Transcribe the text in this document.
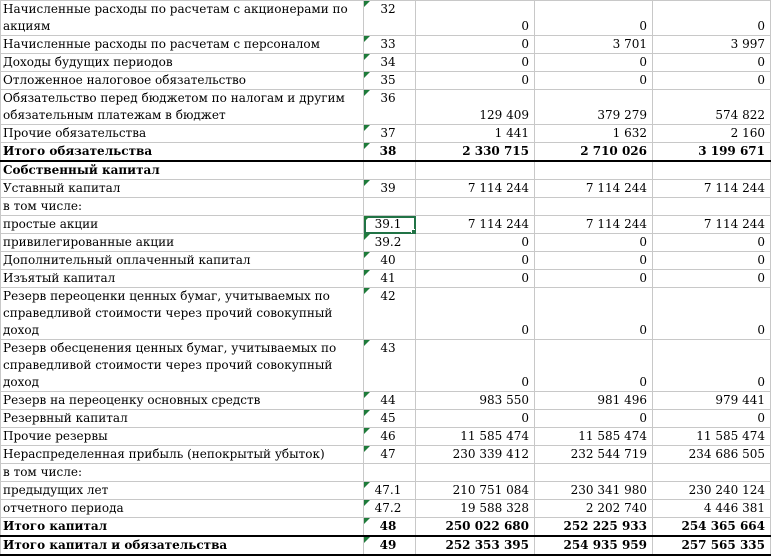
Начисленные расходы по расчетам с акционерами по акциям	32	0	0	0
Начисленные расходы по расчетам с персоналом	33	0	3 701	3 997
Доходы будущих периодов	34	0	0	0
Отложенное налоговое обязательство	35	0	0	0
Обязательство перед бюджетом по налогам и другим обязательным платежам в бюджет	36	129 409	379 279	574 822
Прочие обязательства	37	1 441	1 632	2 160
Итого обязательства	38	2 330 715	2 710 026	3 199 671
Собственный капитал				
Уставный капитал	39	7 114 244	7 114 244	7 114 244
в том числе:				
простые акции	39.1	7 114 244	7 114 244	7 114 244
привилегированные акции	39.2	0	0	0
Дополнительный оплаченный капитал	40	0	0	0
Изъятый капитал	41	0	0	0
Резерв переоценки ценных бумаг, учитываемых по справедливой стоимости через прочий совокупный доход	42	0	0	0
Резерв обесценения ценных бумаг, учитываемых по справедливой стоимости через прочий совокупный доход	43	0	0	0
Резерв на переоценку основных средств	44	983 550	981 496	979 441
Резервный капитал	45	0	0	0
Прочие резервы	46	11 585 474	11 585 474	11 585 474
Нераспределенная прибыль (непокрытый убыток)	47	230 339 412	232 544 719	234 686 505
в том числе:				
предыдущих лет	47.1	210 751 084	230 341 980	230 240 124
отчетного периода	47.2	19 588 328	2 202 740	4 446 381
Итого капитал	48	250 022 680	252 225 933	254 365 664
Итого капитал и обязательства	49	252 353 395	254 935 959	257 565 335
